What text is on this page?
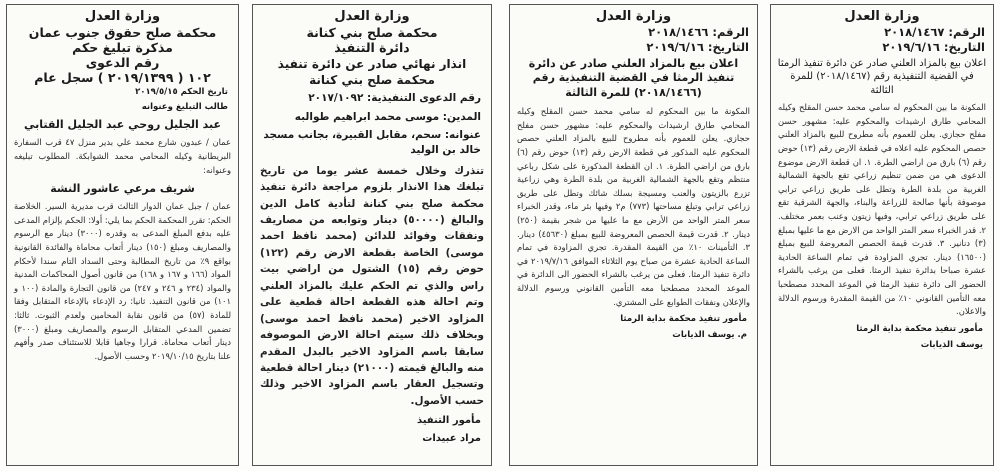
وزارة العدل
محكمة صلح حقوق جنوب عمان
مذكرة تبليغ حكم
رقم الدعوى
١٠٢ ( ٢٠١٩/١٣٩٩ ) سجل عام
تاريخ الحكم ٢٠١٩/٥/١٥
طالب التبليغ وعنوانه
عبد الجليل روحي عبد الجليل القتابي
عمان / عبدون شارع محمد علي بدير منزل ٤٧ قرب السفارة البريطانية وكيله المحامي محمد الشوابكة. المطلوب تبليغه وعنوانه:
شريف مرعي عاشور النشة
عمان / جبل عمان الدوار الثالث قرب مديرية السير. الخلاصة الحكم: تقرر المحكمة الحكم بما يلي: أولا: الحكم بإلزام المدعى عليه بدفع المبلغ المدعى به وقدره (٣٠٠٠) دينار مع الرسوم والمصاريف ومبلغ (١٥٠) دينار أتعاب محاماة والفائدة القانونية بواقع ٩٪ من تاريخ المطالبة وحتى السداد التام سندا لأحكام المواد (١٦٦ و ١٦٧ و ١٦٨) من قانون أصول المحاكمات المدنية والمواد (٢٣٤ و ٢٤٦ و ٢٤٧) من قانون التجارة والمادة (١٠٠ و ١٠١) من قانون التنفيذ. ثانيا: رد الإدعاء بالإدعاء المتقابل وفقا للمادة (٥٧) من قانون نقابة المحامين ولعدم الثبوت. ثالثا: تضمين المدعي المتقابل الرسوم والمصاريف ومبلغ (٣٠٠٠) دينار أتعاب محاماة. قرارا وجاهيا قابلا للاستئناف صدر وأفهم علنا بتاريخ ٢٠١٩/١٠/١٥ وحسب الأصول.
وزارة العدل
محكمة صلح بني كنانة
دائرة التنفيذ
انذار نهائي صادر عن دائرة تنفيذ محكمة صلح بني كنانة
رقم الدعوى التنفيذية: ٢٠١٧/١٠٩٢
المدين: موسى محمد ابراهيم طوالبه
عنوانه: سحم، مقابل القبيرة، بجانب مسجد خالد بن الوليد
تنذرك وخلال خمسة عشر يوما من تاريخ تبلغك هذا الانذار بلزوم مراجعة دائرة تنفيذ محكمة صلح بني كنانة لتأدية كامل الدين والبالغ (٥٠٠٠٠) دينار وتوابعه من مصاريف ونفقات وفوائد للدائن (محمد نافظ احمد موسى) الخاصة بقطعة الارض رقم (١٢٢) حوض رقم (١٥) الشتول من اراضي بيت راس والذي تم الحكم عليك بالمزاد العلني وتم احالة هذه القطعة احالة قطعية على المزاود الاخير (محمد نافظ احمد موسى) وبخلاف ذلك سيتم احالة الارض الموصوفه سابقا باسم المزاود الاخير بالبدل المقدم منه والبالغ قيمته (٢١٠٠٠) دينار احالة قطعية وتسجيل العقار باسم المزاود الاخير وذلك حسب الأصول.
مأمور التنفيذ
مراد عبيدات
وزارة العدل
الرقم: ٢٠١٨/١٤٦٦
التاريخ: ٢٠١٩/٦/١٦
اعلان بيع بالمزاد العلني صادر عن دائرة تنفيذ الرمثا في القضية التنفيذية رقم (٢٠١٨/١٤٦٦) للمرة الثالثة
المكونة ما بين المحكوم له سامي محمد حسن المقلح وكيله المحامي طارق ارشيدات والمحكوم عليه: مشهور حسن مفلح حجازي. يعلن للعموم بأنه مطروح للبيع بالمزاد العلني حصص المحكوم عليه المذكور في قطعة الارض رقم (١٣) حوض رقم (٦) بارق من اراضي الطرة. ١. ان القطعة المذكورة على شكل رباعي منتظم وتقع بالجهة الشمالية الغربية من بلدة الطرة وهي زراعية تزرع بالزيتون والعنب ومسيجة بسلك شائك وتطل على طريق زراعي ترابي وتبلغ مساحتها (٧٧٣) م٢ وفيها بئر ماء، وقدر الخبراء سعر المتر الواحد من الأرض مع ما عليها من شجر بقيمة (٢٥٠) دينار. ٢. قدرت قيمة الحصص المعروضة للبيع بمبلغ (٤٥٦٣٠) دينار. ٣. التأمينات ١٠٪ من القيمة المقدرة. تجري المزاودة في تمام الساعة الحادية عشرة من صباح يوم الثلاثاء الموافق ٢٠١٩/٧/١٦ في دائرة تنفيذ الرمثا. فعلى من يرغب بالشراء الحضور الى الدائرة في الموعد المحدد مصطحبا معه التأمين القانوني ورسوم الدلالة والإعلان ونفقات الطوابع على المشتري.
مأمور تنفيذ محكمة بداية الرمثا
م. يوسف الذيابات
وزارة العدل
الرقم: ٢٠١٨/١٤٦٧
التاريخ: ٢٠١٩/٦/١٦
اعلان بيع بالمزاد العلني صادر عن دائرة تنفيذ الرمثا في القضية التنفيذية رقم (٢٠١٨/١٤٦٧) للمرة الثالثة
المكونة ما بين المحكوم له سامي محمد حسن المقلح وكيله المحامي طارق ارشيدات والمحكوم عليه: مشهور حسن مفلح حجازي. يعلن للعموم بأنه مطروح للبيع بالمزاد العلني حصص المحكوم عليه اعلاه في قطعة الارض رقم (١٣) حوض رقم (٦) بارق من اراضي الطرة. ١. ان قطعة الارض موضوع الدعوى هي من ضمن تنظيم زراعي تقع بالجهة الشمالية الغربية من بلدة الطرة وتطل على طريق زراعي ترابي موصوفة بأنها صالحة للزراعة والبناء، والجهة الشرقية تقع على طريق زراعي ترابي، وفيها زيتون وعنب بعمر مختلف. ٢. قدر الخبراء سعر المتر الواحد من الارض مع ما عليها بمبلغ (٣) دنانير. ٣. قدرت قيمة الحصص المعروضة للبيع بمبلغ (١٦٥٠٠) دينار. تجري المزاودة في تمام الساعة الحادية عشرة صباحا بدائرة تنفيذ الرمثا. فعلى من يرغب بالشراء الحضور الى دائرة تنفيذ الرمثا في الموعد المحدد مصطحبا معه التأمين القانوني ١٠٪ من القيمة المقدرة ورسوم الدلالة والاعلان.
مأمور تنفيذ محكمة بداية الرمثا
يوسف الذيابات
